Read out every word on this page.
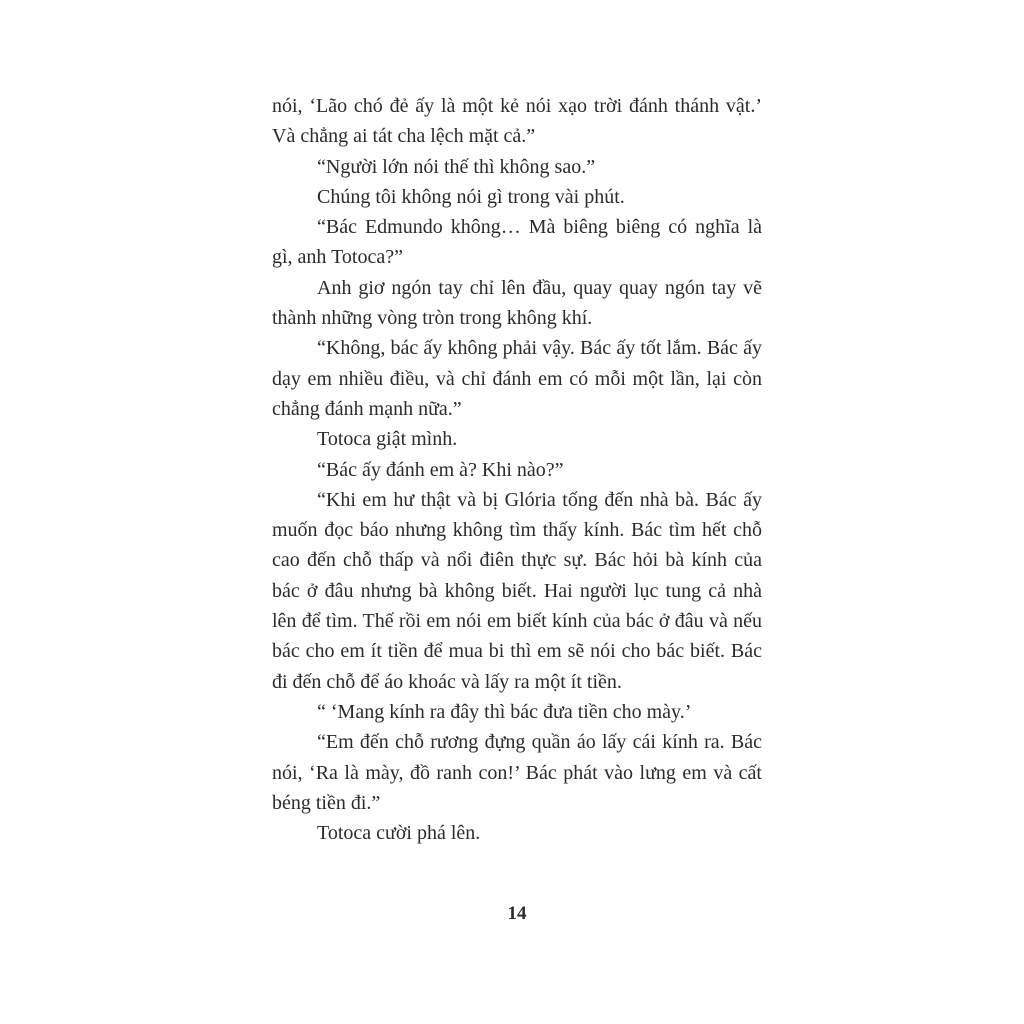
nói, ‘Lão chó đẻ ấy là một kẻ nói xạo trời đánh thánh vật.’ Và chẳng ai tát cha lệch mặt cả.”

“Người lớn nói thế thì không sao.”

Chúng tôi không nói gì trong vài phút.

“Bác Edmundo không… Mà biêng biêng có nghĩa là gì, anh Totoca?”

Anh giơ ngón tay chỉ lên đầu, quay quay ngón tay vẽ thành những vòng tròn trong không khí.

“Không, bác ấy không phải vậy. Bác ấy tốt lắm. Bác ấy dạy em nhiều điều, và chỉ đánh em có mỗi một lần, lại còn chẳng đánh mạnh nữa.”

Totoca giật mình.

“Bác ấy đánh em à? Khi nào?”

“Khi em hư thật và bị Glória tống đến nhà bà. Bác ấy muốn đọc báo nhưng không tìm thấy kính. Bác tìm hết chỗ cao đến chỗ thấp và nổi điên thực sự. Bác hỏi bà kính của bác ở đâu nhưng bà không biết. Hai người lục tung cả nhà lên để tìm. Thế rồi em nói em biết kính của bác ở đâu và nếu bác cho em ít tiền để mua bi thì em sẽ nói cho bác biết. Bác đi đến chỗ để áo khoác và lấy ra một ít tiền.

“ ‘Mang kính ra đây thì bác đưa tiền cho mày.’

“Em đến chỗ rương đựng quần áo lấy cái kính ra. Bác nói, ‘Ra là mày, đồ ranh con!’ Bác phát vào lưng em và cất béng tiền đi.”

Totoca cười phá lên.

14
